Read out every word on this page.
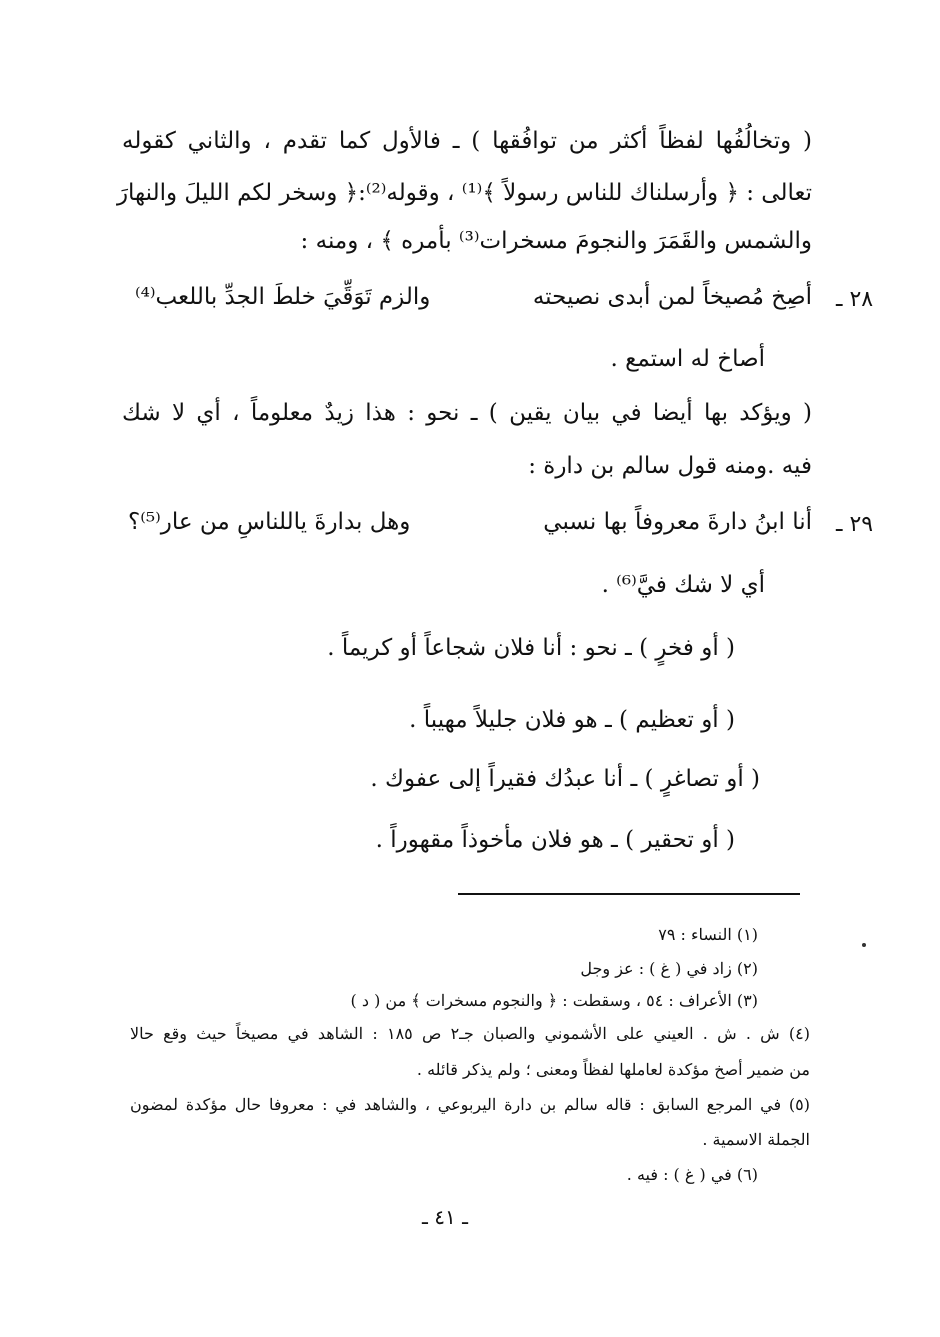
( وتخالُفُها لفظاً أكثر من توافُقها ) ـ فالأول كما تقدم ، والثاني كقوله
تعالى : ﴿ وأرسلناك للناس رسولاً ﴾⁽¹⁾ ، وقوله⁽²⁾:﴿ وسخر لكم الليلَ والنهارَ
والشمس والقَمَرَ والنجومَ مسخرات⁽³⁾ بأمره ﴾ ، ومنه :
٢٨ ـ
أصِخ مُصيخاً لمن أبدى نصيحته
والزم تَوَقِّيَ خلطَ الجدِّ باللعب⁽⁴⁾
أصاخ له استمع .
( ويؤكد بها أيضا في بيان يقين ) ـ نحو : هذا زيدٌ معلوماً ، أي لا شك
فيه .ومنه قول سالم بن دارة :
٢٩ ـ
أنا ابنُ دارةَ معروفاً بها نسبي
وهل بدارةَ ياللناسِ من عار⁽⁵⁾؟
أي لا شك فيَّ⁽⁶⁾ .
( أو فخرٍ ) ـ نحو : أنا فلان شجاعاً أو كريماً .
( أو تعظيم ) ـ هو فلان جليلاً مهيباً .
( أو تصاغرٍ ) ـ أنا عبدُك فقيراً إلى عفوك .
( أو تحقير ) ـ هو فلان مأخوذاً مقهوراً .
(١) النساء : ٧٩
(٢) زاد في ( غ ) : عز وجل
(٣) الأعراف : ٥٤ ، وسقطت : ﴿ والنجوم مسخرات ﴾ من ( د )
(٤) ش . ش . العيني على الأشموني والصبان جـ٢ ص ١٨٥ : الشاهد في مصيخاً حيث وقع حالا
من ضمير أصخ مؤكدة لعاملها لفظاً ومعنى ؛ ولم يذكر قائله .
(٥) في المرجع السابق : قاله سالم بن دارة اليربوعي ، والشاهد في : معروفا حال مؤكدة لمضون
الجملة الاسمية .
(٦) في ( غ ) : فيه .
ـ ٤١ ـ
